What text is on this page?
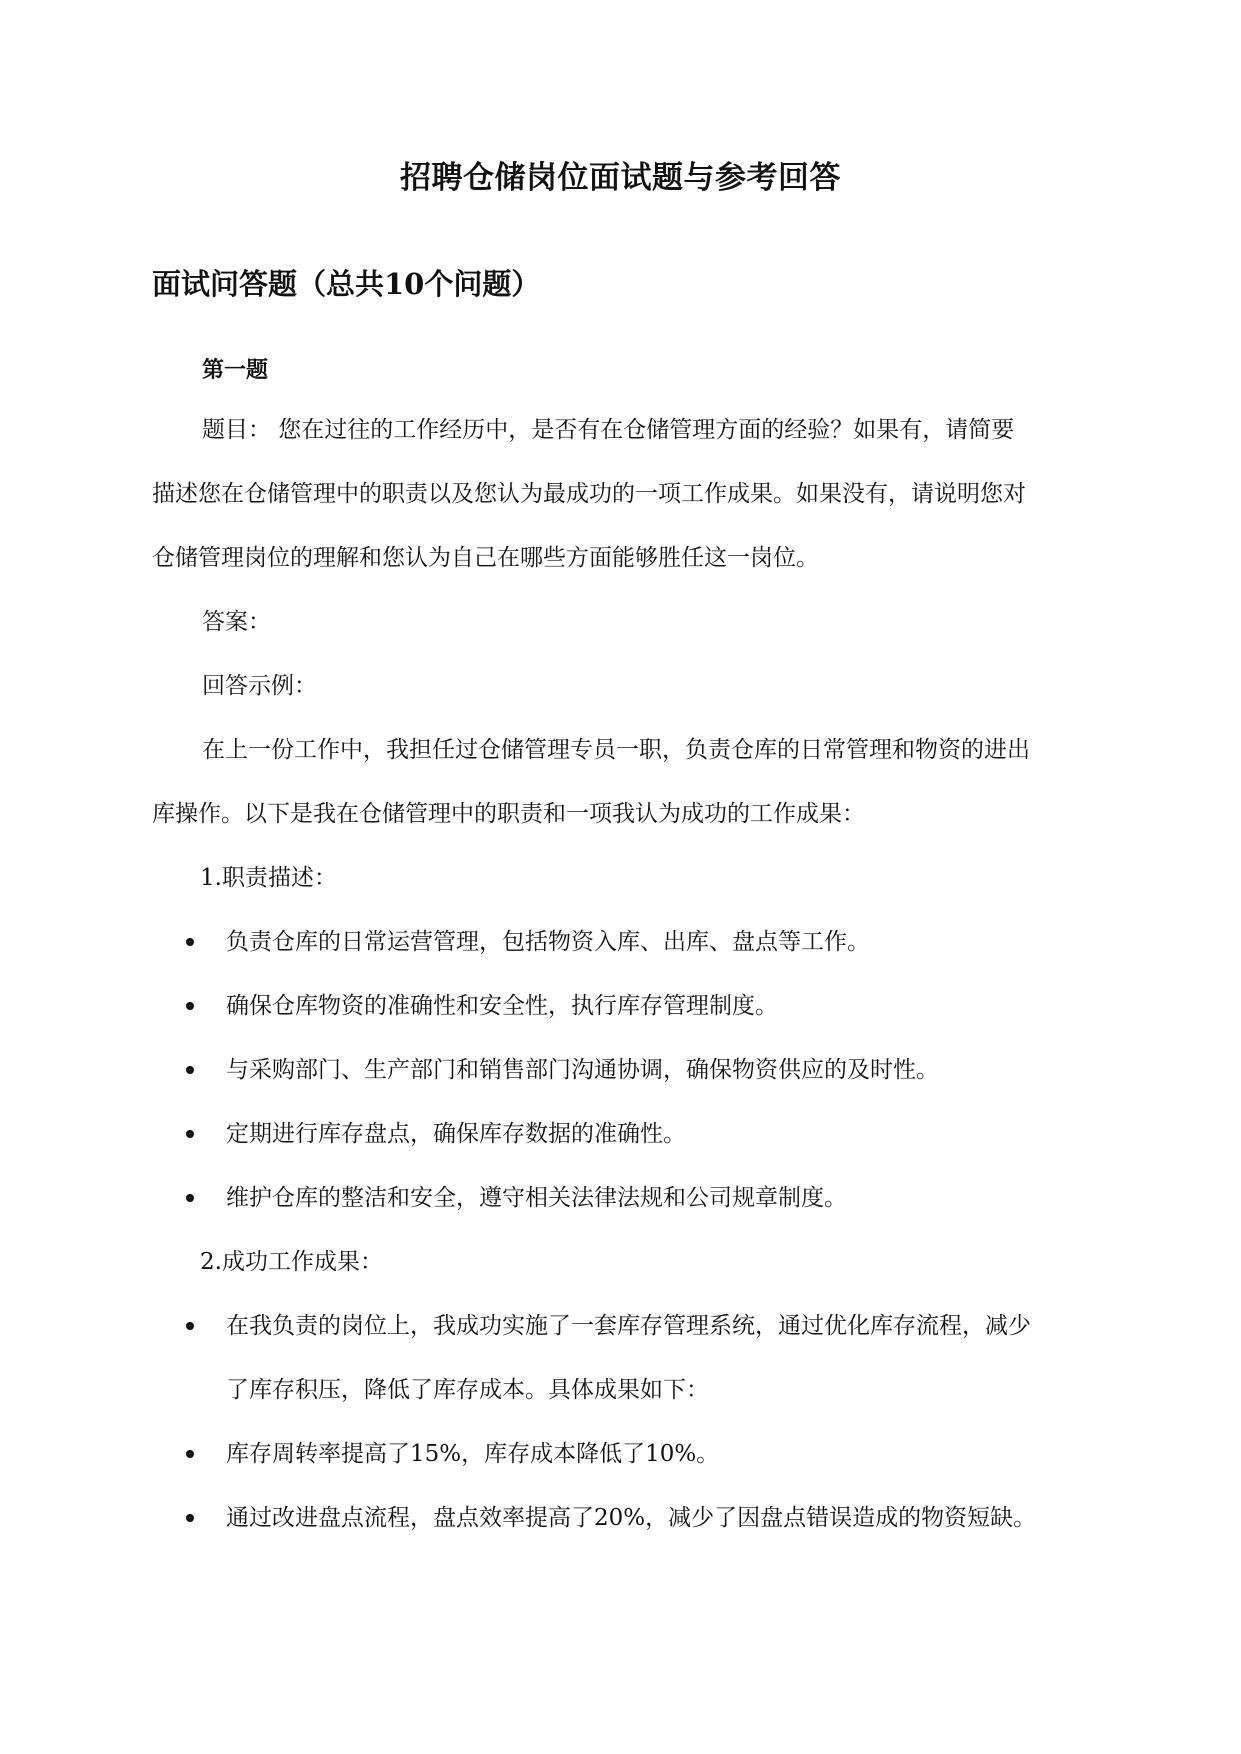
招聘仓储岗位面试题与参考回答
面试问答题（总共10个问题）
第一题

题目： 您在过往的工作经历中，是否有在仓储管理方面的经验？如果有，请简要

描述您在仓储管理中的职责以及您认为最成功的一项工作成果。如果没有，请说明您对

仓储管理岗位的理解和您认为自己在哪些方面能够胜任这一岗位。

答案：

回答示例：

在上一份工作中，我担任过仓储管理专员一职，负责仓库的日常管理和物资的进出

库操作。以下是我在仓储管理中的职责和一项我认为成功的工作成果：

1.职责描述：
负责仓库的日常运营管理，包括物资入库、出库、盘点等工作。
确保仓库物资的准确性和安全性，执行库存管理制度。
与采购部门、生产部门和销售部门沟通协调，确保物资供应的及时性。
定期进行库存盘点，确保库存数据的准确性。
维护仓库的整洁和安全，遵守相关法律法规和公司规章制度。
2.成功工作成果：
在我负责的岗位上，我成功实施了一套库存管理系统，通过优化库存流程，减少
了库存积压，降低了库存成本。具体成果如下：
库存周转率提高了15%，库存成本降低了10%。
通过改进盘点流程，盘点效率提高了20%，减少了因盘点错误造成的物资短缺。
